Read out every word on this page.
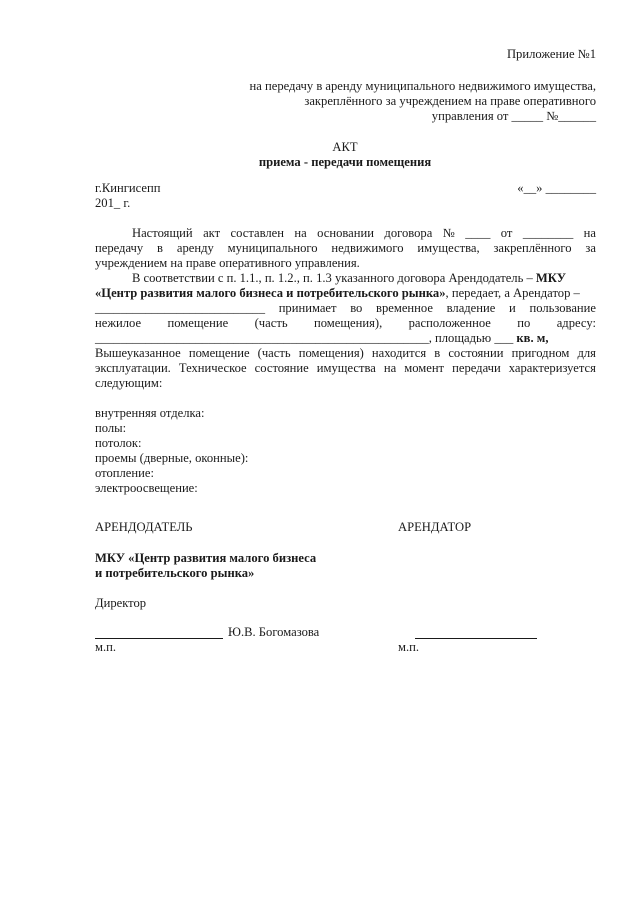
Приложение №1
на передачу в аренду муниципального недвижимого имущества,
закреплённого за учреждением на праве оперативного
управления от _____ №______
АКТ
приема - передачи помещения
г.Кингисепп
201_ г.
«__» ________
Настоящий акт составлен на основании договора № ____ от ________ на
передачу в аренду муниципального недвижимого имущества, закреплённого за
учреждением на праве оперативного управления.
В соответствии с п. 1.1., п. 1.2., п. 1.3 указанного договора Арендодатель – МКУ
«Центр развития малого бизнеса и потребительского рынка», передает, а Арендатор –
___________________________ принимает во временное владение и пользование
нежилое помещение (часть помещения), расположенное по адресу:
_____________________________________________________, площадью ___ кв. м,
Вышеуказанное помещение (часть помещения) находится в состоянии пригодном для
эксплуатации. Техническое состояние имущества на момент передачи характеризуется
следующим:
внутренняя отделка:
полы:
потолок:
проемы (дверные, оконные):
отопление:
электроосвещение:
АРЕНДОДАТЕЛЬ	АРЕНДАТОР
МКУ «Центр развития малого бизнеса
и потребительского рынка»
Директор
Ю.В. Богомазова
м.п.	м.п.
